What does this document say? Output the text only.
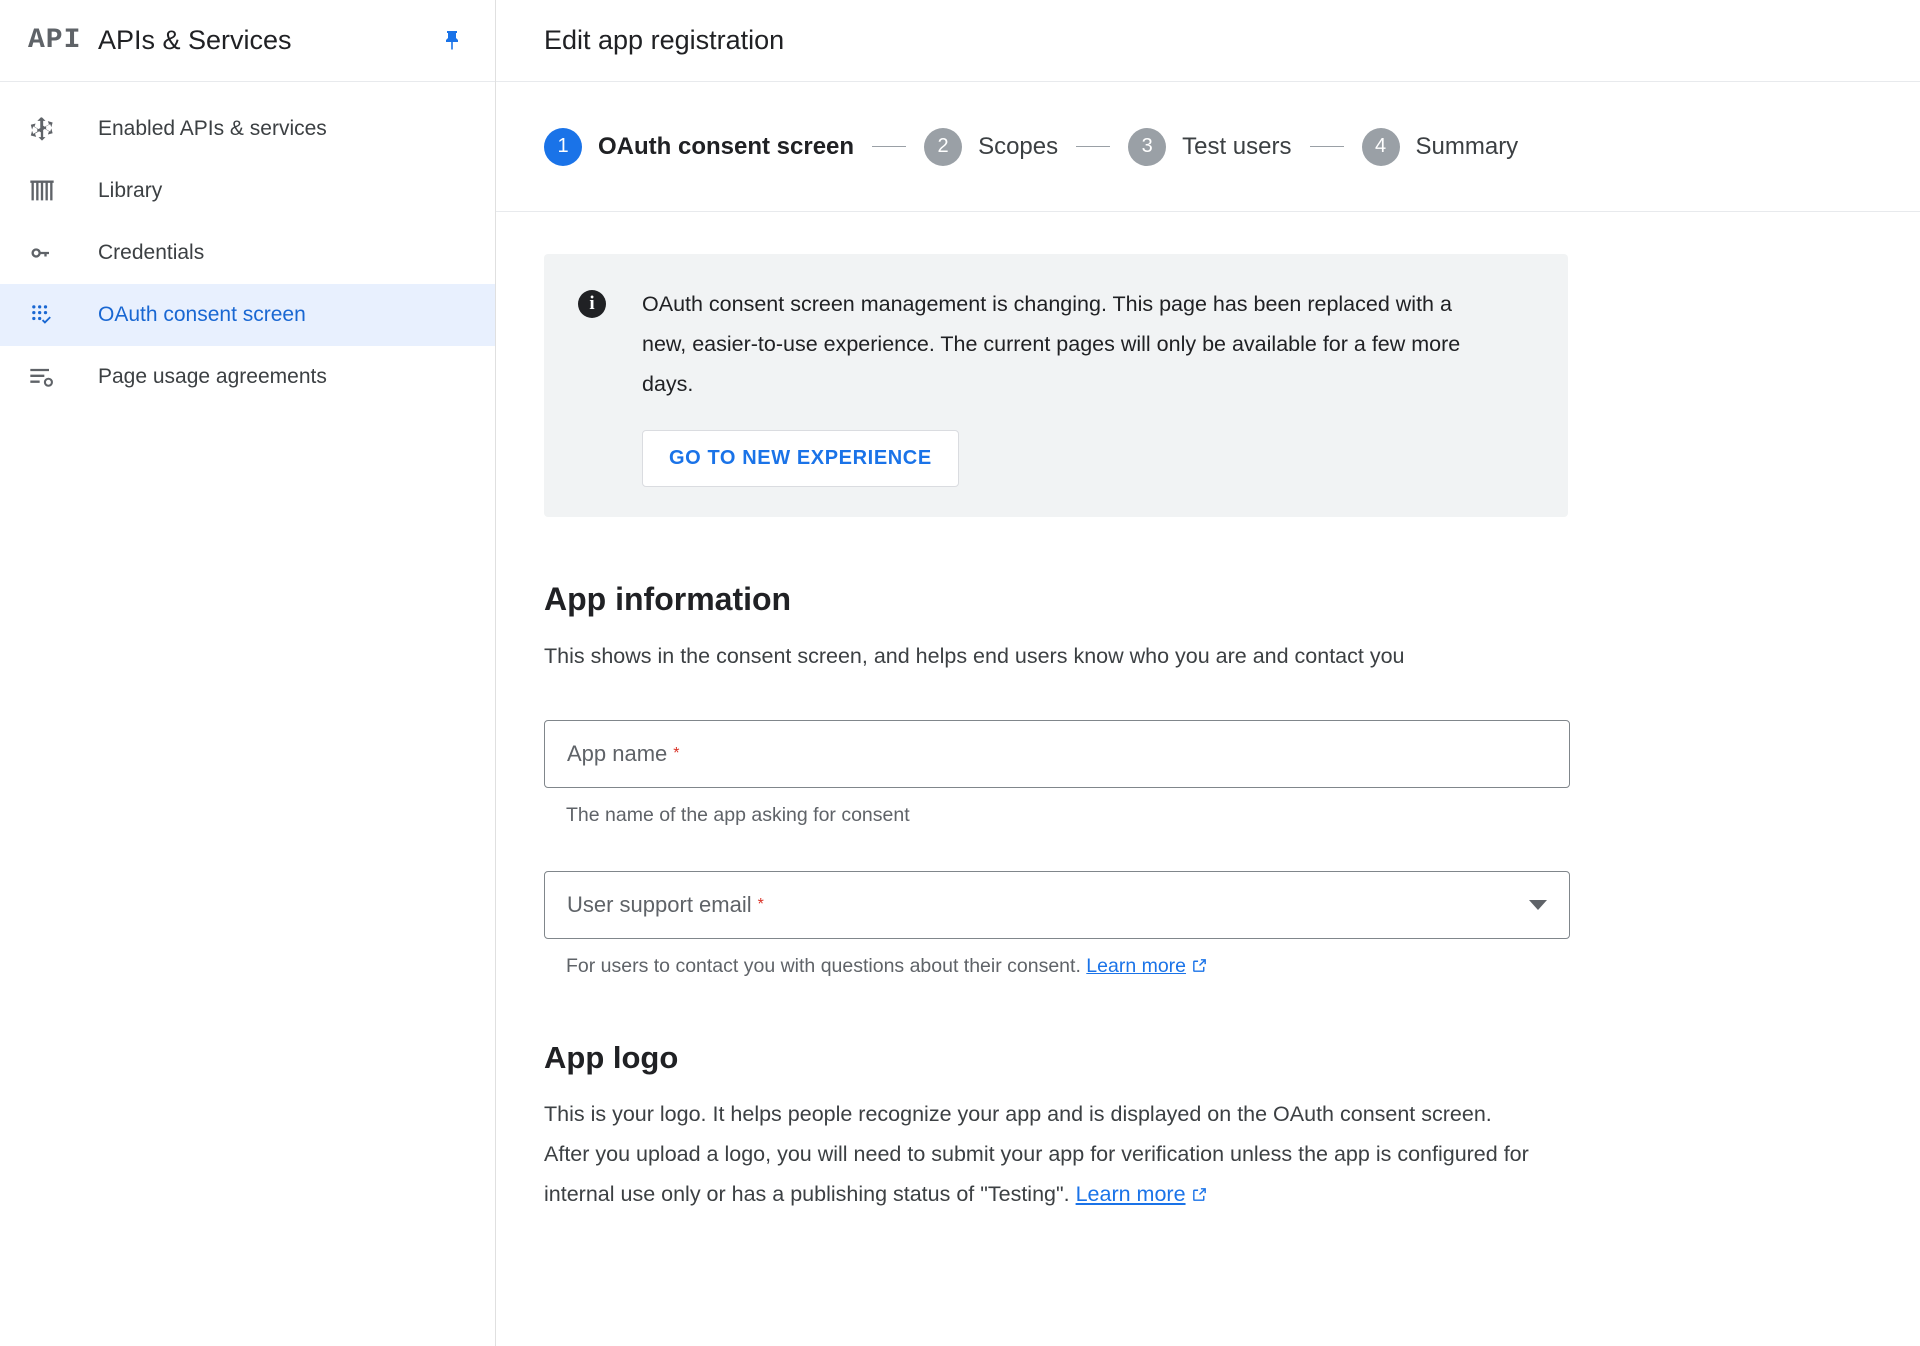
API APIs & Services
Enabled APIs & services
Library
Credentials
OAuth consent screen
Page usage agreements
Edit app registration
1	OAuth consent screen	2	Scopes	3	Test users	4	Summary
i	OAuth consent screen management is changing. This page has been replaced with a new, easier-to-use experience. The current pages will only be available for a few more days.
GO TO NEW EXPERIENCE
App information
This shows in the consent screen, and helps end users know who you are and contact you
App name *
The name of the app asking for consent
User support email *
For users to contact you with questions about their consent. Learn more
App logo
This is your logo. It helps people recognize your app and is displayed on the OAuth consent screen.
After you upload a logo, you will need to submit your app for verification unless the app is configured for internal use only or has a publishing status of "Testing". Learn more
